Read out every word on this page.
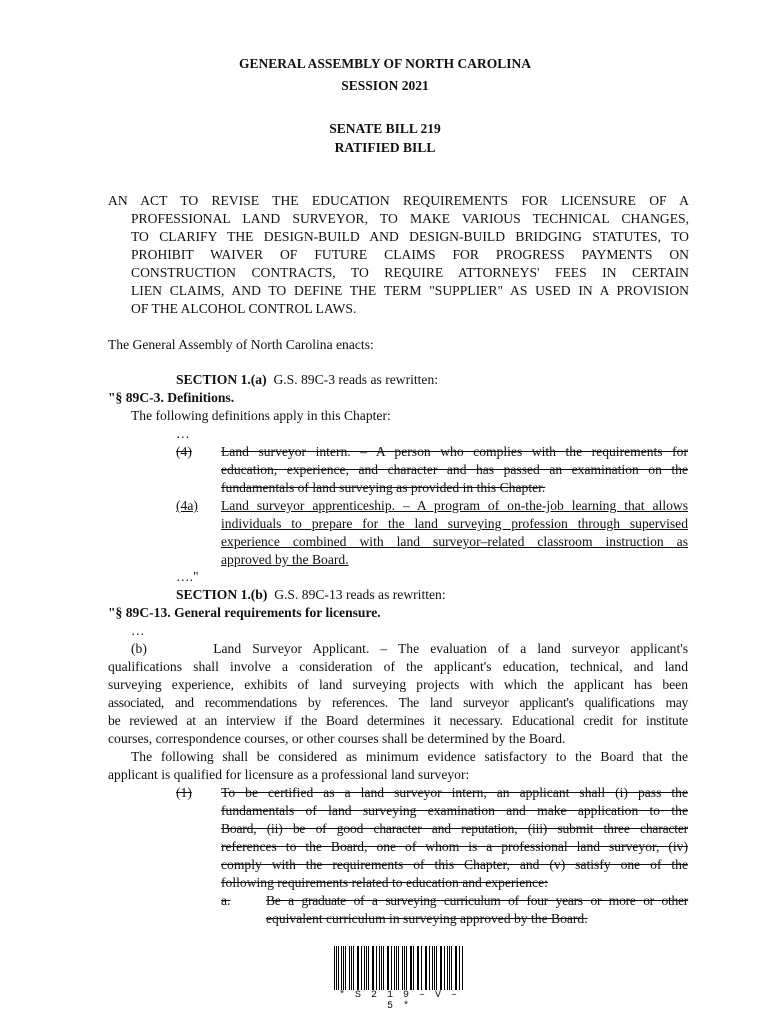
GENERAL ASSEMBLY OF NORTH CAROLINA
SESSION 2021
SENATE BILL 219
RATIFIED BILL
AN ACT TO REVISE THE EDUCATION REQUIREMENTS FOR LICENSURE OF A
PROFESSIONAL LAND SURVEYOR, TO MAKE VARIOUS TECHNICAL CHANGES,
TO CLARIFY THE DESIGN-BUILD AND DESIGN-BUILD BRIDGING STATUTES, TO
PROHIBIT WAIVER OF FUTURE CLAIMS FOR PROGRESS PAYMENTS ON
CONSTRUCTION CONTRACTS, TO REQUIRE ATTORNEYS' FEES IN CERTAIN
LIEN CLAIMS, AND TO DEFINE THE TERM "SUPPLIER" AS USED IN A PROVISION
OF THE ALCOHOL CONTROL LAWS.
The General Assembly of North Carolina enacts:
SECTION 1.(a) G.S. 89C-3 reads as rewritten:
"§ 89C-3. Definitions.
The following definitions apply in this Chapter:
…
(4) Land surveyor intern. – A person who complies with the requirements for
education, experience, and character and has passed an examination on the
fundamentals of land surveying as provided in this Chapter.
(4a) Land surveyor apprenticeship. – A program of on-the-job learning that allows
individuals to prepare for the land surveying profession through supervised
experience combined with land surveyor–related classroom instruction as
approved by the Board.
…."
SECTION 1.(b) G.S. 89C-13 reads as rewritten:
"§ 89C-13. General requirements for licensure.
…
(b)      Land Surveyor Applicant. – The evaluation of a land surveyor applicant's
qualifications shall involve a consideration of the applicant's education, technical, and land
surveying experience, exhibits of land surveying projects with which the applicant has been
associated, and recommendations by references. The land surveyor applicant's qualifications may
be reviewed at an interview if the Board determines it necessary. Educational credit for institute
courses, correspondence courses, or other courses shall be determined by the Board.
The following shall be considered as minimum evidence satisfactory to the Board that the
applicant is qualified for licensure as a professional land surveyor:
(1) To be certified as a land surveyor intern, an applicant shall (i) pass the
fundamentals of land surveying examination and make application to the
Board, (ii) be of good character and reputation, (iii) submit three character
references to the Board, one of whom is a professional land surveyor, (iv)
comply with the requirements of this Chapter, and (v) satisfy one of the
following requirements related to education and experience:
a.	Be a graduate of a surveying curriculum of four years or more or other
equivalent curriculum in surveying approved by the Board.
* S 2 1 9 – V – 5 *
